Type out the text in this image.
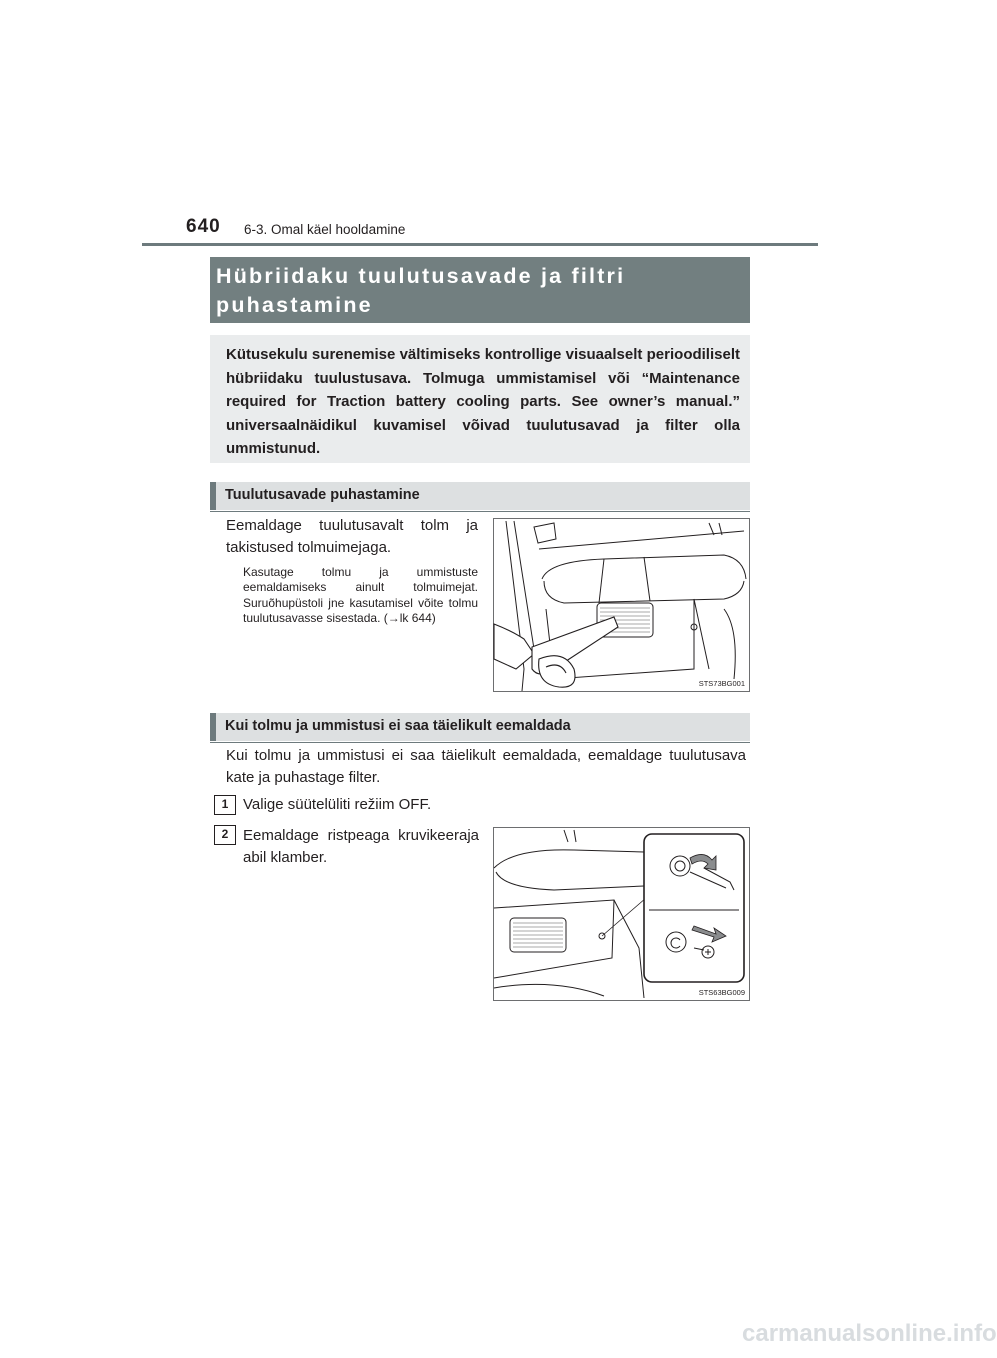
640 6-3. Omal käel hooldamine
Hübriidaku tuulutusavade ja filtri puhastamine
Kütusekulu surenemise vältimiseks kontrollige visuaalselt perioodiliselt hübriidaku tuulustusava. Tolmuga ummistamisel või “Maintenance required for Traction battery cooling parts. See owner’s manual.” universaalnäidikul kuvamisel võivad tuulutusavad ja filter olla ummistunud.
Tuulutusavade puhastamine
Eemaldage tuulutusavalt tolm ja takistused tolmuimejaga.
Kasutage tolmu ja ummistuste eemaldamiseks ainult tolmuimejat. Suruõhupüstoli jne kasutamisel võite tolmu tuulutusavasse sisestada. (→lk 644)
STS73BG001
Kui tolmu ja ummistusi ei saa täielikult eemaldada
Kui tolmu ja ummistusi ei saa täielikult eemaldada, eemaldage tuulutusava kate ja puhastage filter.
1 Valige süütelüliti režiim OFF.
2 Eemaldage ristpeaga kruvikeeraja abil klamber.
STS63BG009
carmanualsonline.info
